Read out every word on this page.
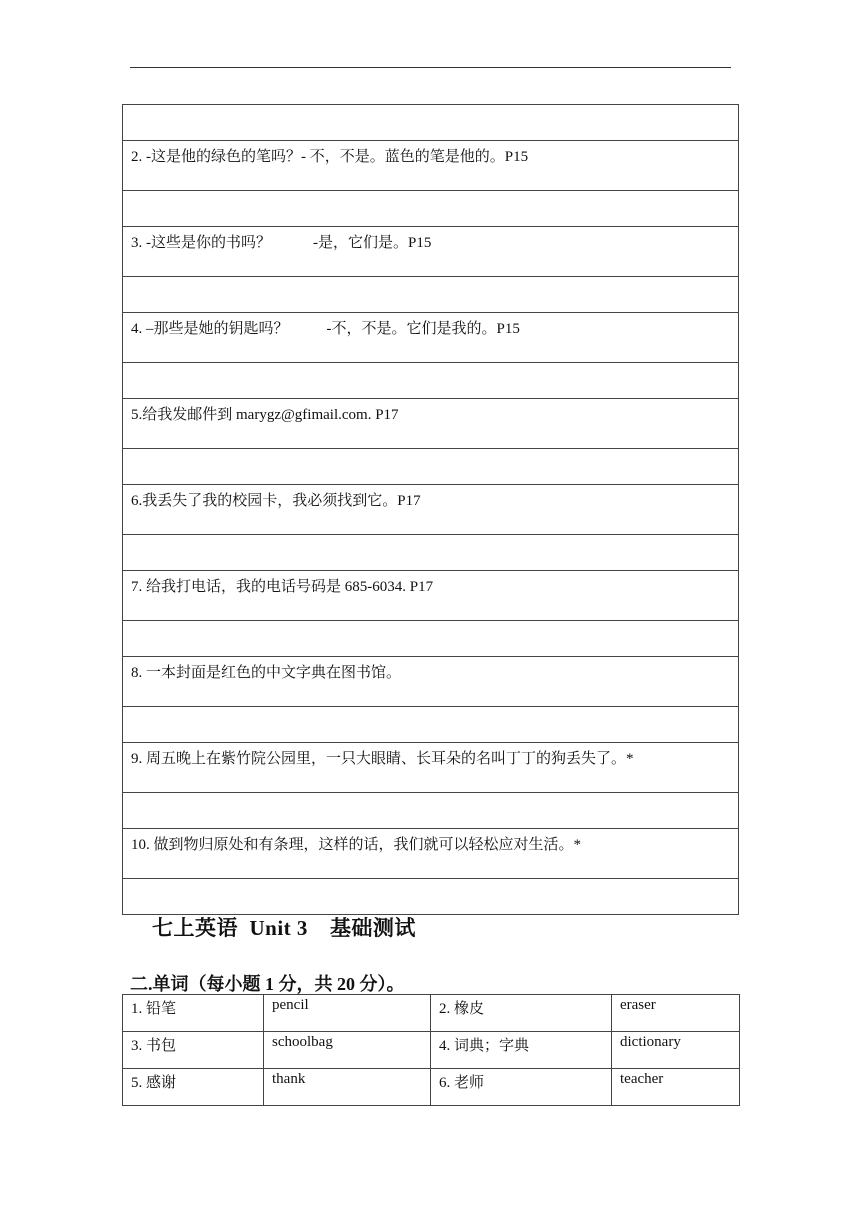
2. -这是他的绿色的笔吗？- 不，不是。蓝色的笔是他的。P15

3. -这些是你的书吗？	-是，它们是。P15

4. –那些是她的钥匙吗？	-不，不是。它们是我的。P15

5.给我发邮件到 marygz@gfimail.com. P17

6.我丢失了我的校园卡，我必须找到它。P17

7. 给我打电话，我的电话号码是 685-6034. P17

8. 一本封面是红色的中文字典在图书馆。

9. 周五晚上在紫竹院公园里，一只大眼睛、长耳朵的名叫丁丁的狗丢失了。*

10. 做到物归原处和有条理，这样的话，我们就可以轻松应对生活。*

七上英语 Unit 3 基础测试
二.单词（每小题 1 分，共 20 分）。
1. 铅笔	pencil	2. 橡皮	eraser
3. 书包	schoolbag	4. 词典；字典	dictionary
5. 感谢	thank	6. 老师	teacher
